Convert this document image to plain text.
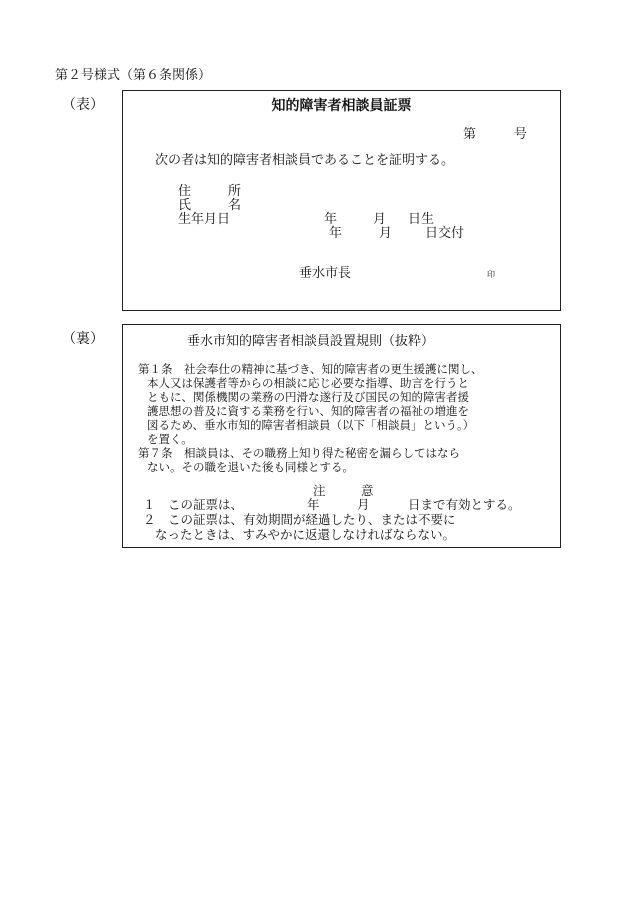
第２号様式（第６条関係）
（表）	知的障害者相談員証票
第	号
次の者は知的障害者相談員であることを証明する。
住	所
氏	名
生年月日	年	月 日生
年	月	日交付
垂水市長	印
（裏）	垂水市知的障害者相談員設置規則（抜粋）
第１条　社会奉仕の精神に基づき、知的障害者の更生援護に関し、
本人又は保護者等からの相談に応じ必要な指導、助言を行うと
ともに、関係機関の業務の円滑な遂行及び国民の知的障害者援
護思想の普及に資する業務を行い、知的障害者の福祉の増進を
図るため、垂水市知的障害者相談員（以下「相談員」という。）
を置く。
第７条　相談員は、その職務上知り得た秘密を漏らしてはなら
ない。その職を退いた後も同様とする。
注	意
１　この証票は、	年	月	日まで有効とする。
２　この証票は、有効期間が経過したり、または不要に
なったときは、すみやかに返還しなければならない。
